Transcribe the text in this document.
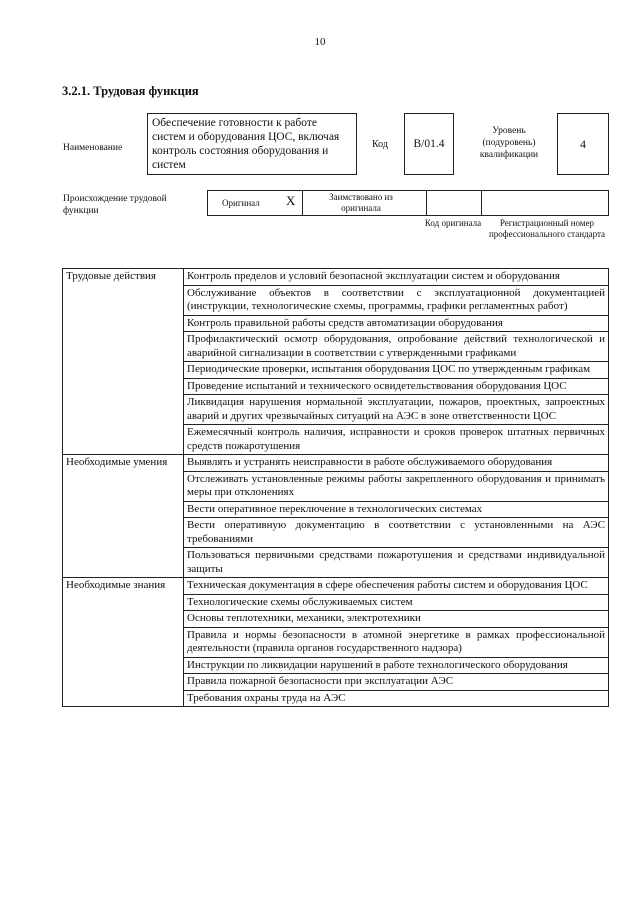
10
3.2.1. Трудовая функция
Наименование
Обеспечение готовности к работе систем и оборудования ЦОС, включая контроль состояния оборудования и систем
Код В/01.4
Уровень (подуровень) квалификации
4
Происхождение трудовой функции
Оригинал X	Заимствовано из оригинала
Код оригинала	Регистрационный номер профессионального стандарта
Трудовые действия	Контроль пределов и условий безопасной эксплуатации систем и оборудования
	Обслуживание объектов в соответствии с эксплуатационной документацией (инструкции, технологические схемы, программы, графики регламентных работ)
	Контроль правильной работы средств автоматизации оборудования
	Профилактический осмотр оборудования, опробование действий технологической и аварийной сигнализации в соответствии с утвержденными графиками
	Периодические проверки, испытания оборудования ЦОС по утвержденным графикам
	Проведение испытаний и технического освидетельствования оборудования ЦОС
	Ликвидация нарушения нормальной эксплуатации, пожаров, проектных, запроектных аварий и других чрезвычайных ситуаций на АЭС в зоне ответственности ЦОС
	Ежемесячный контроль наличия, исправности и сроков проверок штатных первичных средств пожаротушения
Необходимые умения	Выявлять и устранять неисправности в работе обслуживаемого оборудования
	Отслеживать установленные режимы работы закрепленного оборудования и принимать меры при отклонениях
	Вести оперативное переключение в технологических системах
	Вести оперативную документацию в соответствии с установленными на АЭС требованиями
	Пользоваться первичными средствами пожаротушения и средствами индивидуальной защиты
Необходимые знания	Техническая документация в сфере обеспечения работы систем и оборудования ЦОС
	Технологические схемы обслуживаемых систем
	Основы теплотехники, механики, электротехники
	Правила и нормы безопасности в атомной энергетике в рамках профессиональной деятельности (правила органов государственного надзора)
	Инструкции по ликвидации нарушений в работе технологического оборудования
	Правила пожарной безопасности при эксплуатации АЭС
	Требования охраны труда на АЭС
